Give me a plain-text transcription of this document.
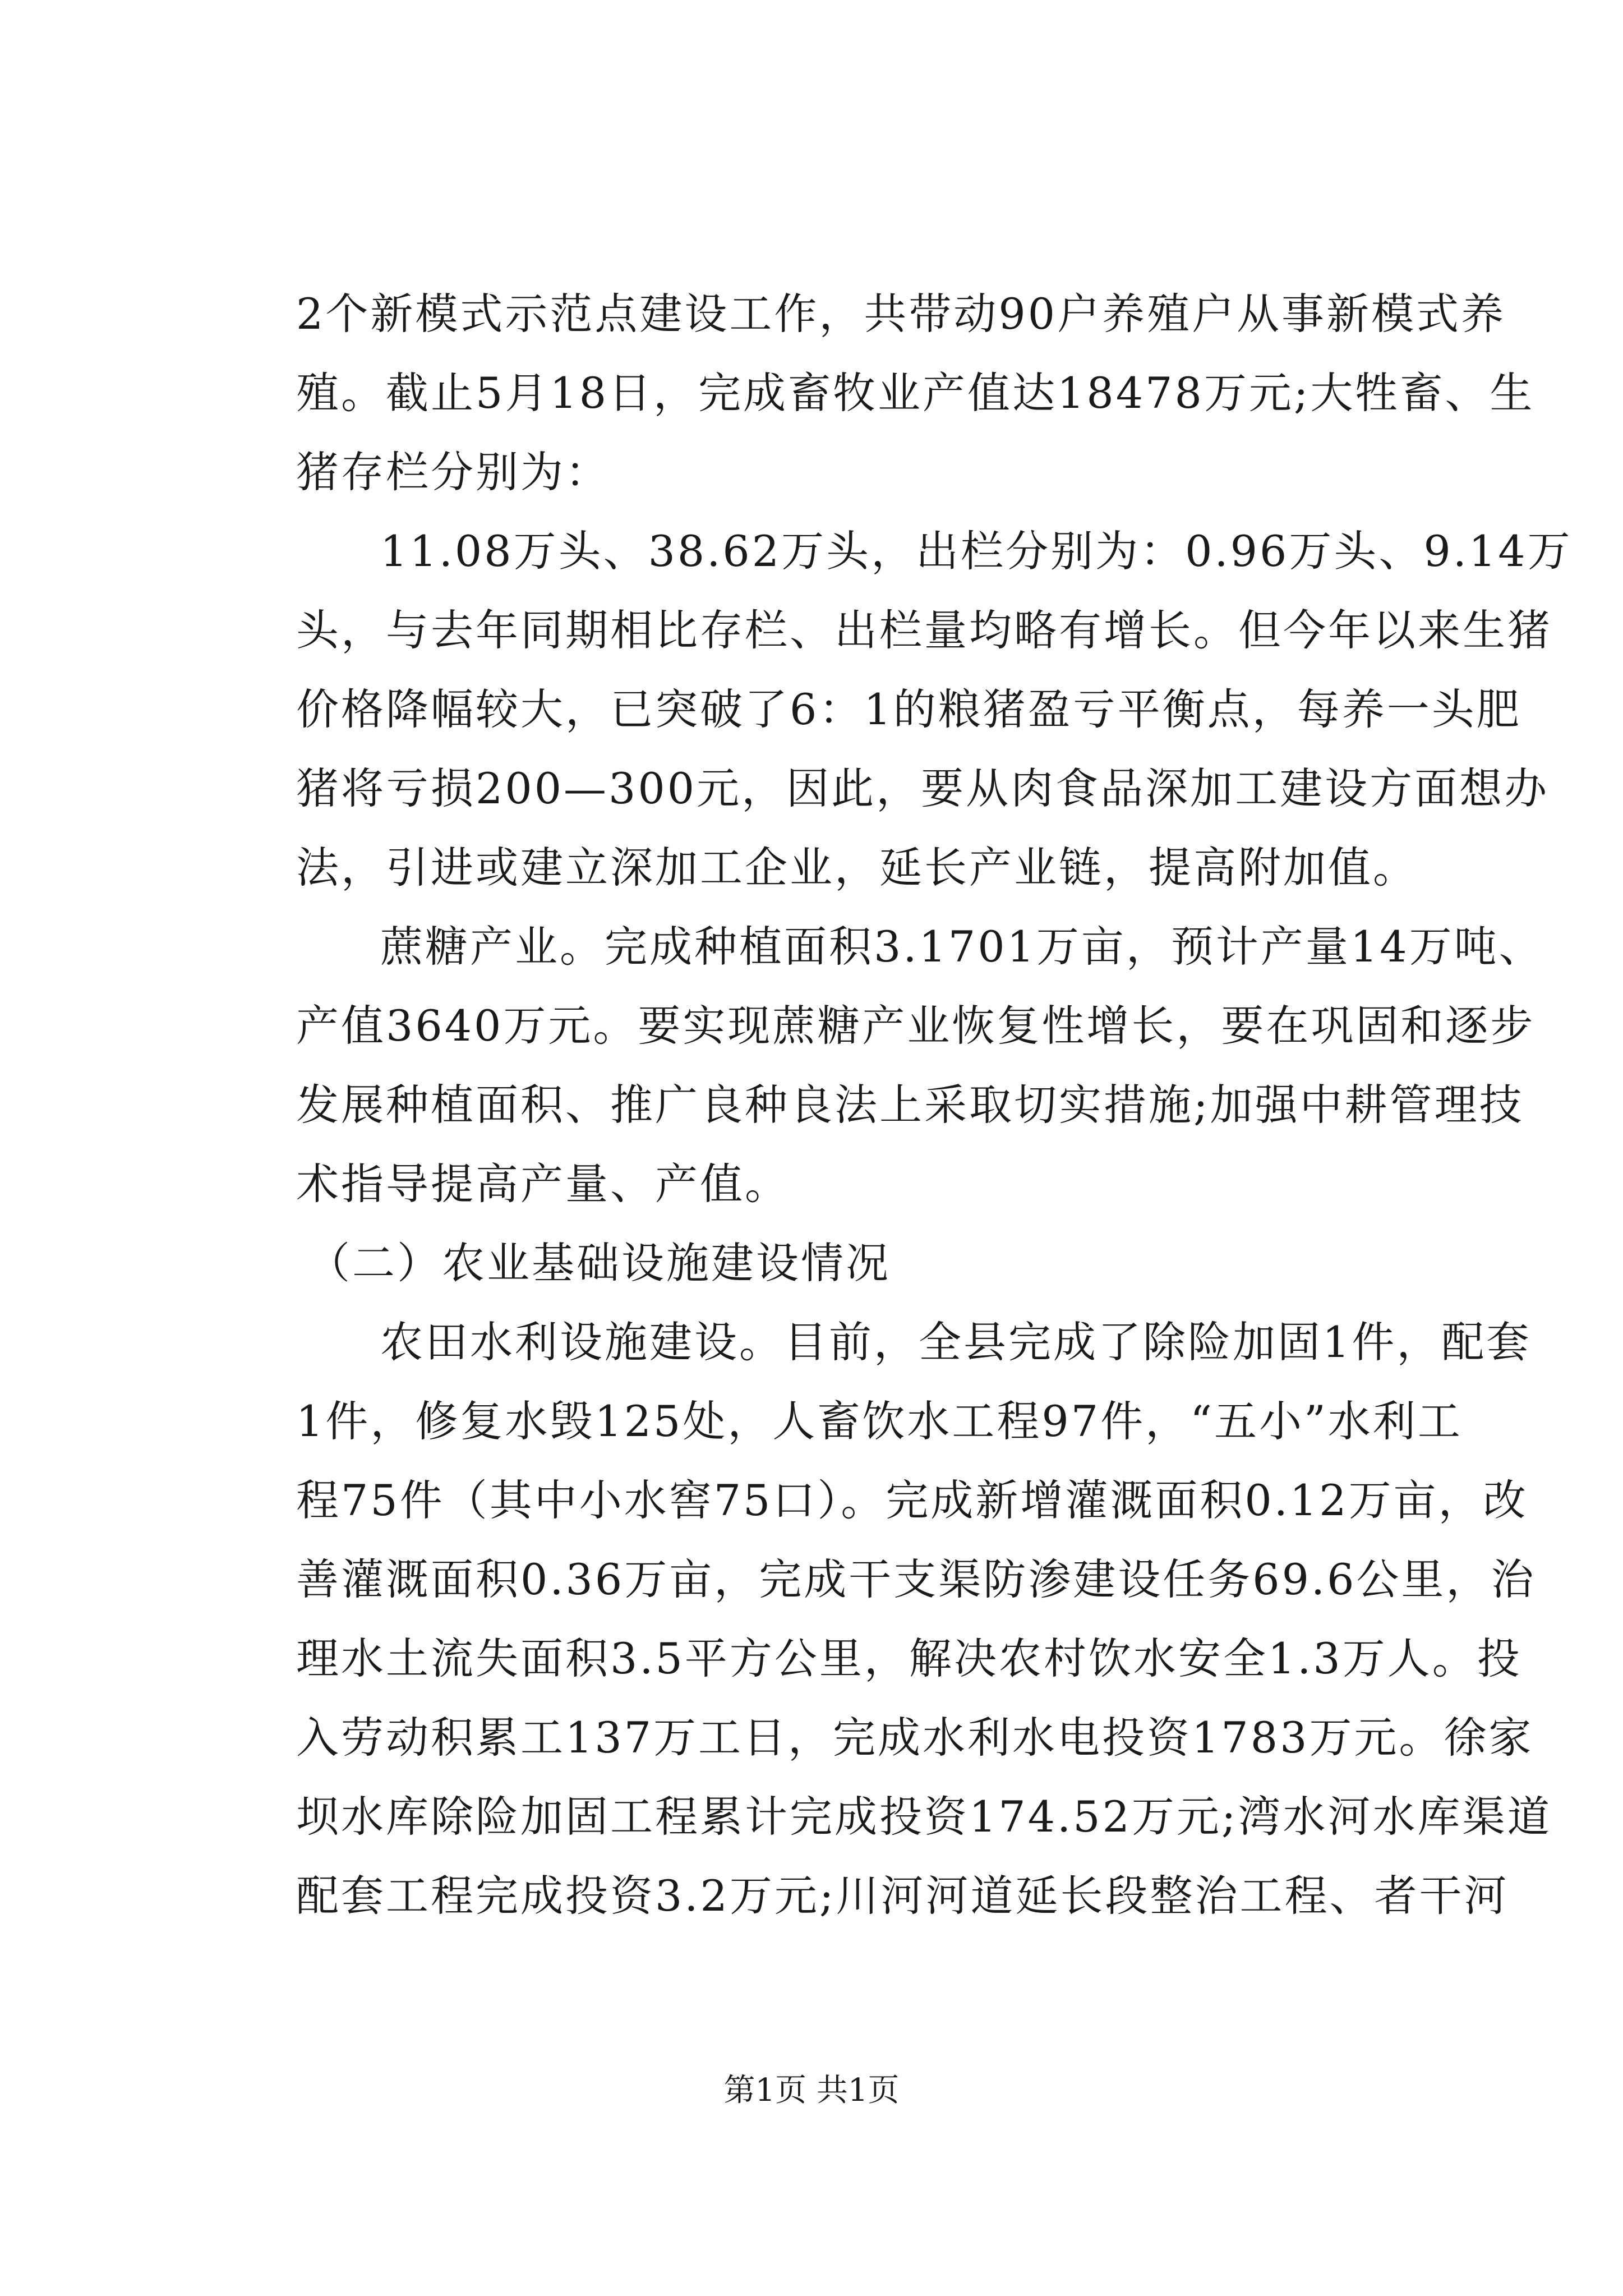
2个新模式示范点建设工作，共带动90户养殖户从事新模式养
殖。截止5月18日，完成畜牧业产值达18478万元;大牲畜、生
猪存栏分别为：
11.08万头、38.62万头，出栏分别为：0.96万头、9.14万
头，与去年同期相比存栏、出栏量均略有增长。但今年以来生猪
价格降幅较大，已突破了6：1的粮猪盈亏平衡点，每养一头肥
猪将亏损200—300元，因此，要从肉食品深加工建设方面想办
法，引进或建立深加工企业，延长产业链，提高附加值。
蔗糖产业。完成种植面积3.1701万亩，预计产量14万吨、
产值3640万元。要实现蔗糖产业恢复性增长，要在巩固和逐步
发展种植面积、推广良种良法上采取切实措施;加强中耕管理技
术指导提高产量、产值。
（二）农业基础设施建设情况
农田水利设施建设。目前，全县完成了除险加固1件，配套
1件，修复水毁125处，人畜饮水工程97件，“五小”水利工
程75件（其中小水窖75口）。完成新增灌溉面积0.12万亩，改
善灌溉面积0.36万亩，完成干支渠防渗建设任务69.6公里，治
理水土流失面积3.5平方公里，解决农村饮水安全1.3万人。投
入劳动积累工137万工日，完成水利水电投资1783万元。徐家
坝水库除险加固工程累计完成投资174.52万元;湾水河水库渠道
配套工程完成投资3.2万元;川河河道延长段整治工程、者干河
第1页 共1页
